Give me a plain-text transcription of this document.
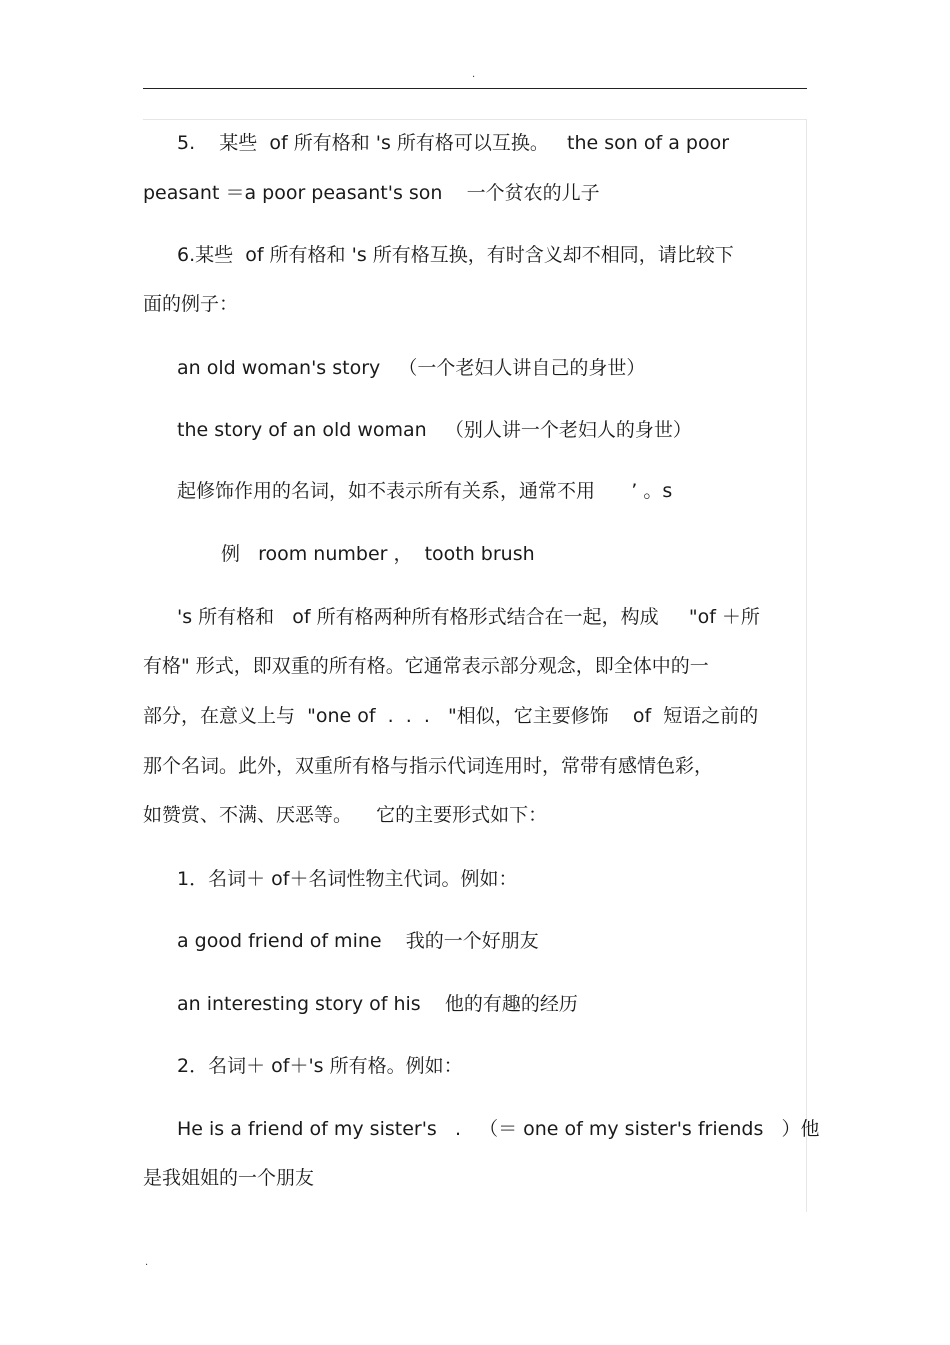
.

5.    某些  of 所有格和 's 所有格可以互换。   the son of a poor

peasant ＝a poor peasant's son    一个贫农的儿子

6.某些  of 所有格和 's 所有格互换，有时含义却不相同，请比较下

面的例子：

an old woman's story   （一个老妇人讲自己的身世）

the story of an old woman   （别人讲一个老妇人的身世）

起修饰作用的名词，如不表示所有关系，通常不用      ’ 。s

例   room number ，  tooth brush

's 所有格和   of 所有格两种所有格形式结合在一起，构成     "of ＋所

有格" 形式，即双重的所有格。它通常表示部分观念，即全体中的一

部分，在意义上与  "one of  .  .  .   "相似，它主要修饰    of  短语之前的

那个名词。此外，双重所有格与指示代词连用时，常带有感情色彩，

如赞赏、不满、厌恶等。    它的主要形式如下：

1．名词＋ of＋名词性物主代词。例如：

a good friend of mine    我的一个好朋友

an interesting story of his    他的有趣的经历

2．名词＋ of＋'s 所有格。例如：

He is a friend of my sister's   .   （＝ one of my sister's friends   ）他

是我姐姐的一个朋友

.
